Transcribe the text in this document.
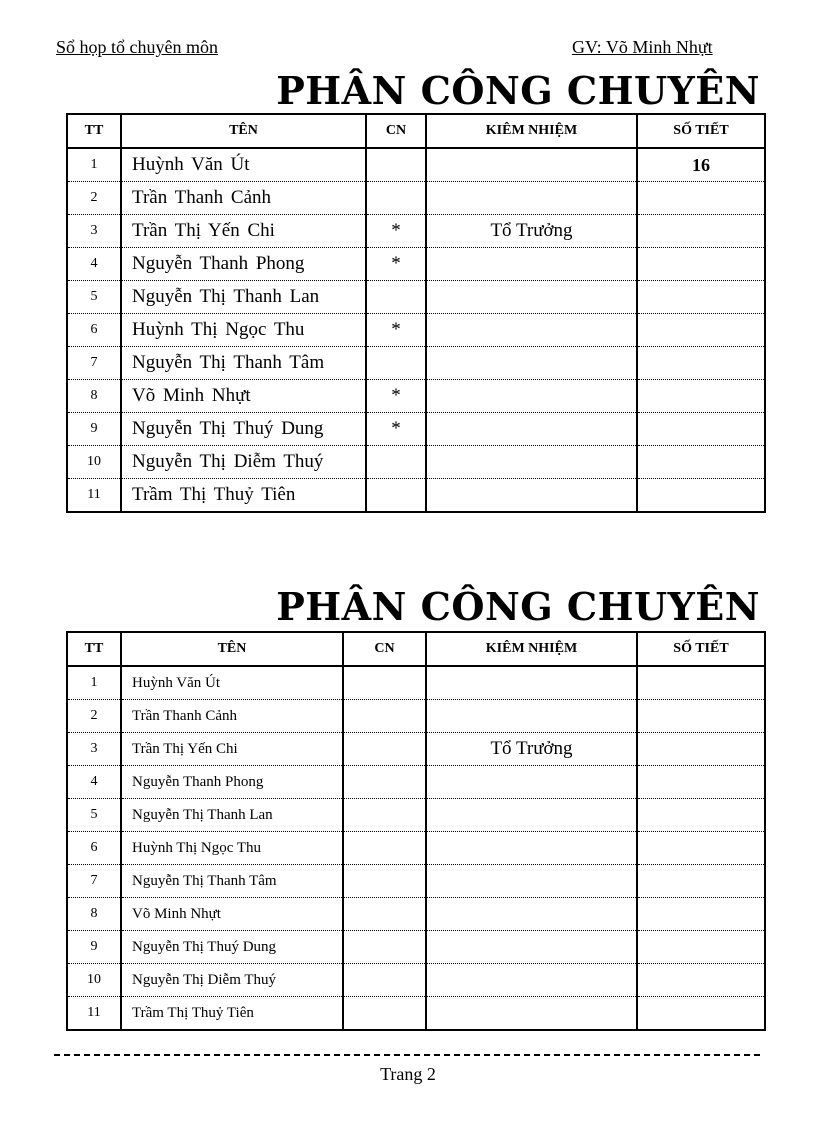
Sổ họp tổ chuyên môn	GV: Võ Minh Nhựt
PHÂN CÔNG CHUYÊN
TT	TÊN	CN	KIÊM NHIỆM	SỐ TIẾT
1	Huỳnh Văn Út			16
2	Trần Thanh Cảnh			
3	Trần Thị Yến Chi	*	Tổ Trưởng	
4	Nguyễn Thanh Phong	*		
5	Nguyễn Thị Thanh Lan			
6	Huỳnh Thị Ngọc Thu	*		
7	Nguyễn Thị Thanh Tâm			
8	Võ Minh Nhựt	*		
9	Nguyễn Thị Thuý Dung	*		
10	Nguyễn Thị Diễm Thuý			
11	Trầm Thị Thuỷ Tiên			
PHÂN CÔNG CHUYÊN
TT	TÊN	CN	KIÊM NHIỆM	SỐ TIẾT
1	Huỳnh Văn Út			
2	Trần Thanh Cảnh			
3	Trần Thị Yến Chi		Tổ Trưởng	
4	Nguyễn Thanh Phong			
5	Nguyễn Thị Thanh Lan			
6	Huỳnh Thị Ngọc Thu			
7	Nguyễn Thị Thanh Tâm			
8	Võ Minh Nhựt			
9	Nguyễn Thị Thuý Dung			
10	Nguyễn Thị Diễm Thuý			
11	Trầm Thị Thuỷ Tiên			
Trang 2
